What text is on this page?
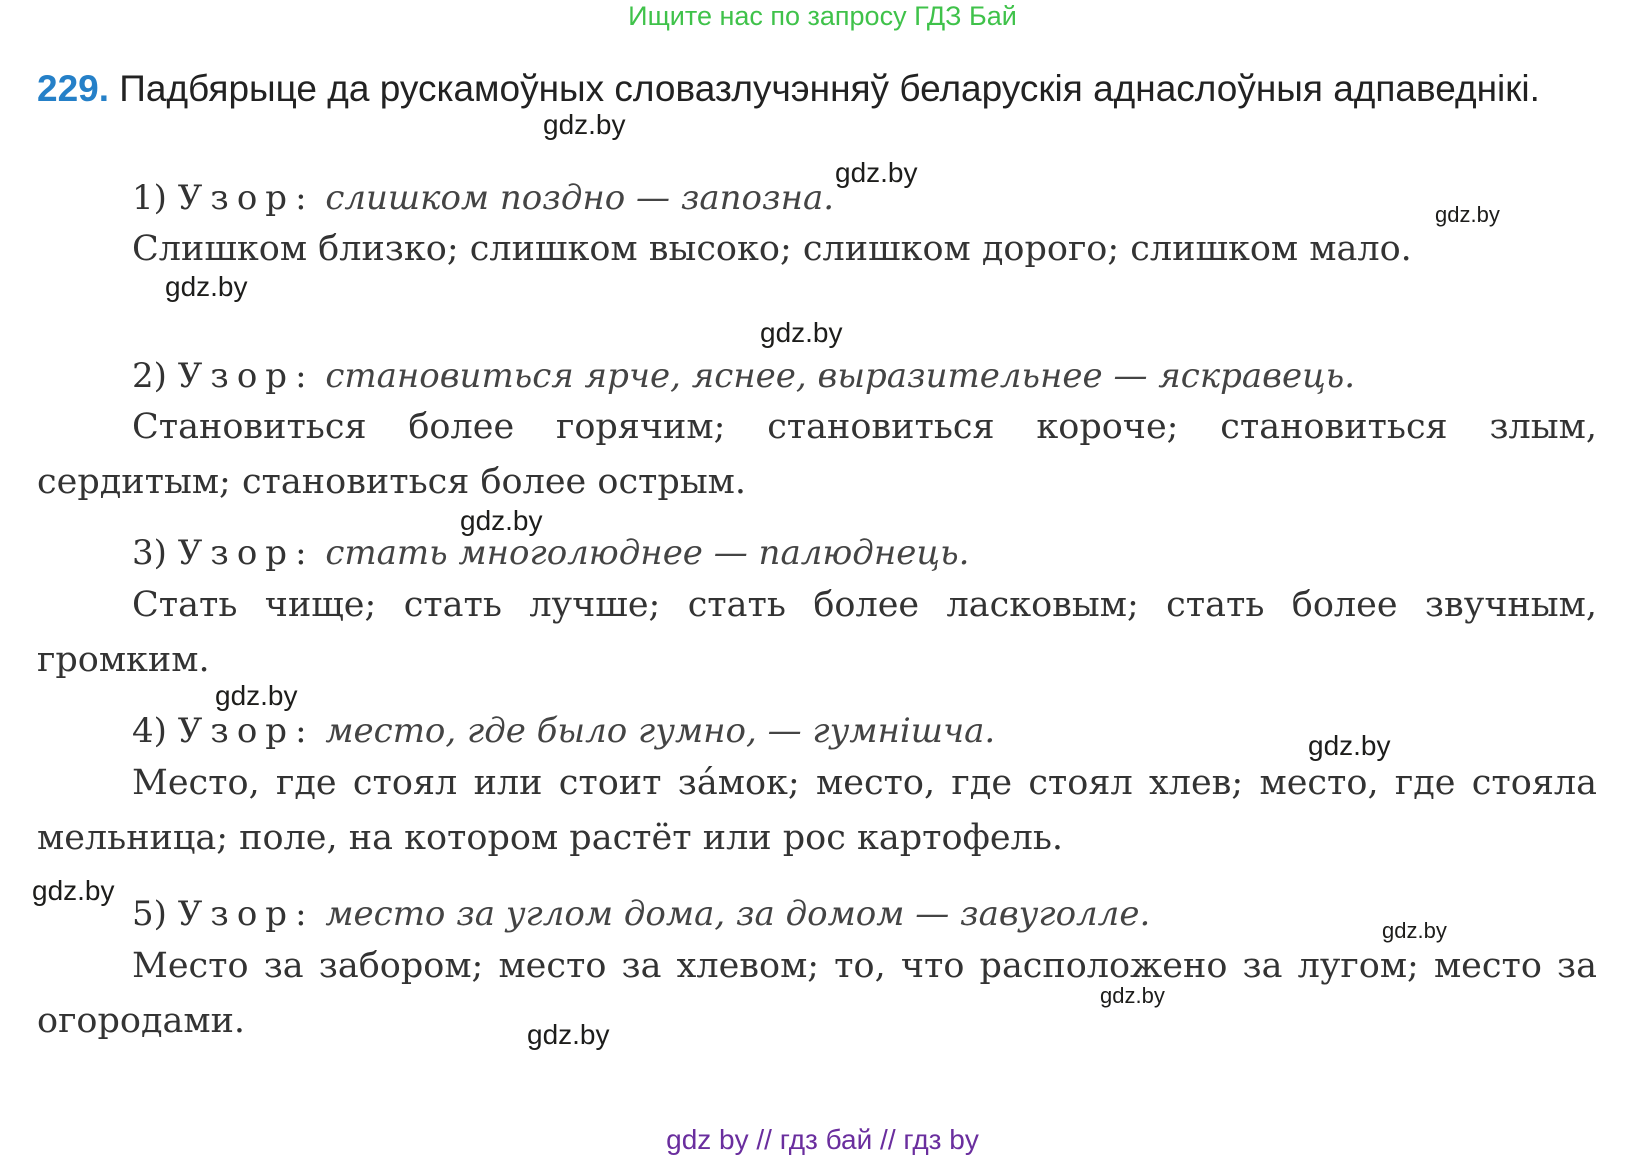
Ищите нас по запросу ГДЗ Бай
229. Падбярыце да рускамоўных словазлучэнняў беларускія аднаслоўныя адпаведнікі.
1) Узор: слишком поздно — запозна.
Слишком близко; слишком высоко; слишком дорого; слишком мало.
2) Узор: становиться ярче, яснее, выразительнее — яскравець.
Становиться более горячим; становиться короче; становиться злым, сердитым; становиться более острым.
3) Узор: стать многолюднее — палюднець.
Стать чище; стать лучше; стать более ласковым; стать более звучным, громким.
4) Узор: место, где было гумно, — гумнішча.
Место, где стоял или стоит за́мок; место, где стоял хлев; место, где стояла мельница; поле, на котором растёт или рос картофель.
5) Узор: место за углом дома, за домом — завуголле.
Место за забором; место за хлевом; то, что расположено за лугом; место за огородами.
gdz.by
gdz.by
gdz.by
gdz.by
gdz.by
gdz.by
gdz.by
gdz.by
gdz.by
gdz.by
gdz.by
gdz.by
gdz by // гдз бай // гдз by
